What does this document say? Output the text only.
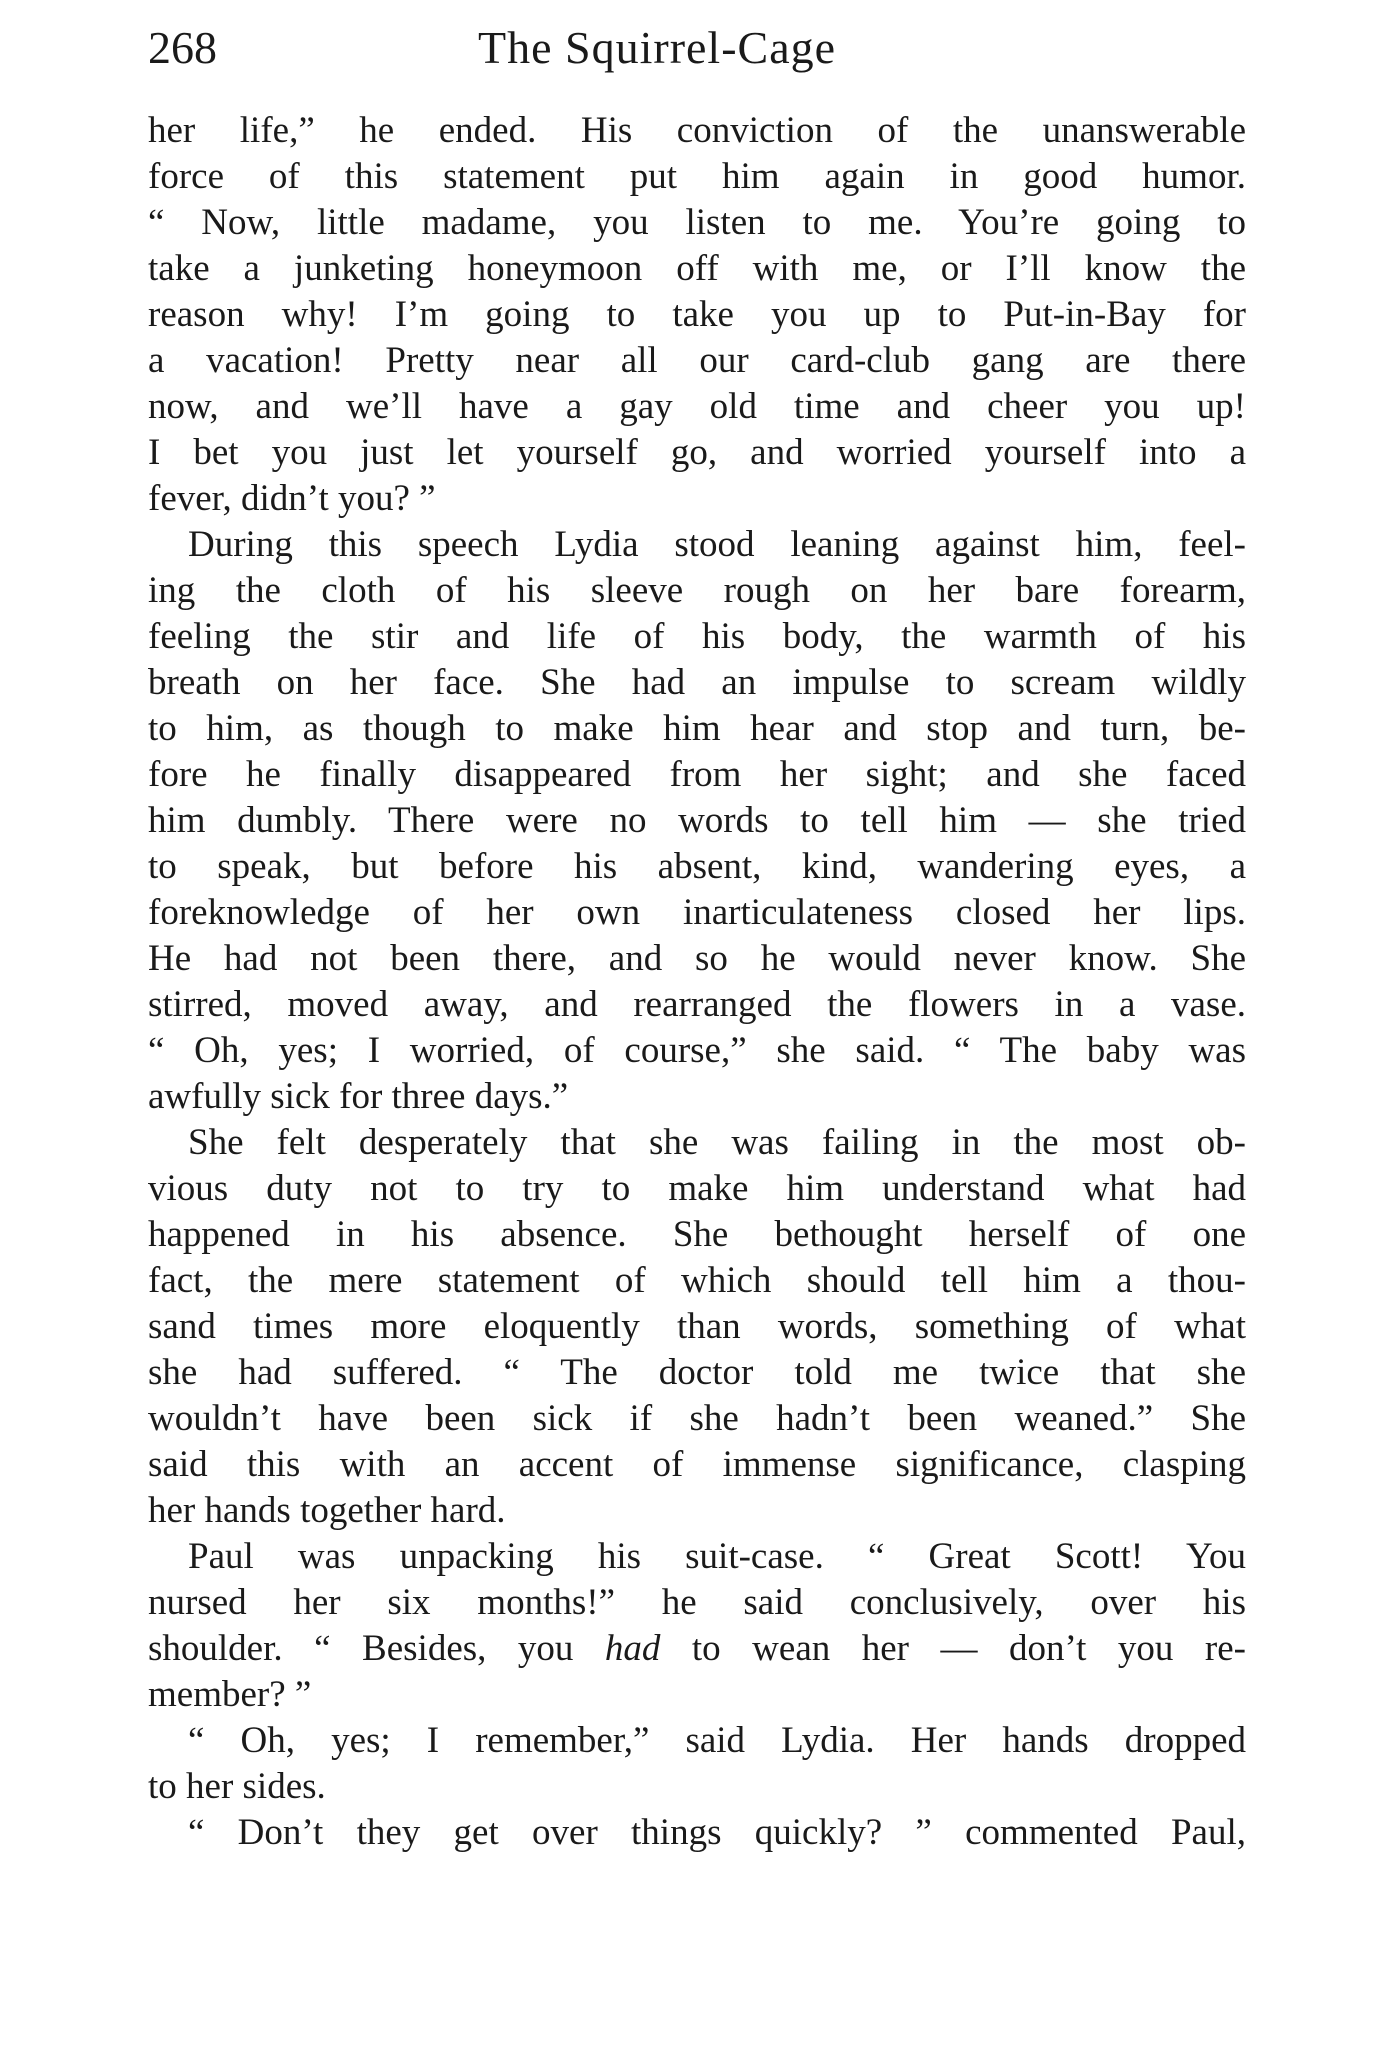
268	The Squirrel-Cage
her life,” he ended. His conviction of the unanswerable
force of this statement put him again in good humor.
“ Now, little madame, you listen to me. You’re going to
take a junketing honeymoon off with me, or I’ll know the
reason why! I’m going to take you up to Put-in-Bay for
a vacation! Pretty near all our card-club gang are there
now, and we’ll have a gay old time and cheer you up!
I bet you just let yourself go, and worried yourself into a
fever, didn’t you? ”
During this speech Lydia stood leaning against him, feel-
ing the cloth of his sleeve rough on her bare forearm,
feeling the stir and life of his body, the warmth of his
breath on her face. She had an impulse to scream wildly
to him, as though to make him hear and stop and turn, be-
fore he finally disappeared from her sight; and she faced
him dumbly. There were no words to tell him — she tried
to speak, but before his absent, kind, wandering eyes, a
foreknowledge of her own inarticulateness closed her lips.
He had not been there, and so he would never know. She
stirred, moved away, and rearranged the flowers in a vase.
“ Oh, yes; I worried, of course,” she said. “ The baby was
awfully sick for three days.”
She felt desperately that she was failing in the most ob-
vious duty not to try to make him understand what had
happened in his absence. She bethought herself of one
fact, the mere statement of which should tell him a thou-
sand times more eloquently than words, something of what
she had suffered. “ The doctor told me twice that she
wouldn’t have been sick if she hadn’t been weaned.” She
said this with an accent of immense significance, clasping
her hands together hard.
Paul was unpacking his suit-case. “ Great Scott! You
nursed her six months!” he said conclusively, over his
shoulder. “ Besides, you had to wean her — don’t you re-
member? ”
“ Oh, yes; I remember,” said Lydia. Her hands dropped
to her sides.
“ Don’t they get over things quickly? ” commented Paul,
